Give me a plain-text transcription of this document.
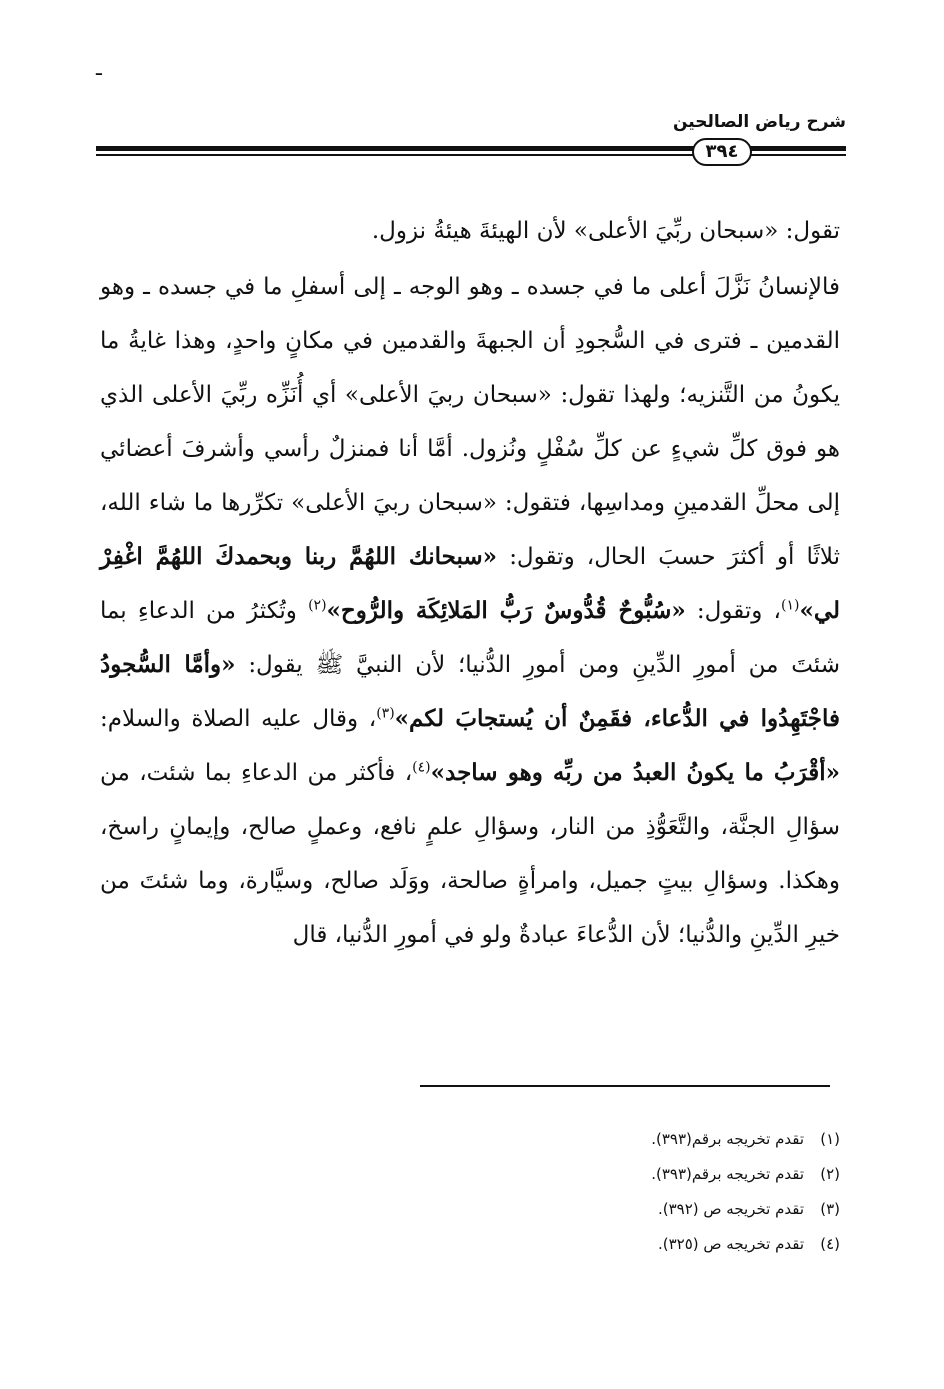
ـ
شرح رياض الصالحين
٣٩٤

تقول: «سبحان ربِّيَ الأعلى» لأن الهيئةَ هيئةُ نزول.

فالإنسانُ نَزَّلَ أعلى ما في جسده ـ وهو الوجه ـ إلى أسفلِ ما في جسده ـ وهو القدمين ـ فترى في السُّجودِ أن الجبهةَ والقدمين في مكانٍ واحدٍ، وهذا غايةُ ما يكونُ من التَّنزيه؛ ولهذا تقول: «سبحان ربيَ الأعلى» أي أُنَزِّه ربِّيَ الأعلى الذي هو فوق كلِّ شيءٍ عن كلِّ سُفْلٍ ونُزول. أمَّا أنا فمنزلٌ رأسي وأشرفَ أعضائي إلى محلِّ القدمينِ ومداسِها، فتقول: «سبحان ربيَ الأعلى» تكرِّرها ما شاء الله، ثلاثًا أو أكثرَ حسبَ الحال، وتقول: «سبحانك اللهُمَّ ربنا وبحمدكَ اللهُمَّ اغْفِرْ لي»$^{(١)}$، وتقول: «سُبُّوحٌ قُدُّوسٌ رَبُّ المَلائِكَة والرُّوح»$^{(٢)}$ وتُكثرُ من الدعاءِ بما شئتَ من أمورِ الدِّينِ ومن أمورِ الدُّنيا؛ لأن النبيَّ ﷺ يقول: «وأمَّا السُّجودُ فاجْتَهِدُوا في الدُّعاء، فقَمِنٌ أن يُستجابَ لكم»$^{(٣)}$، وقال عليه الصلاة والسلام: «أقْرَبُ ما يكونُ العبدُ من ربِّه وهو ساجد»$^{(٤)}$، فأكثر من الدعاءِ بما شئت، من سؤالِ الجنَّة، والتَّعَوُّذِ من النار، وسؤالِ علمٍ نافع، وعملٍ صالح، وإيمانٍ راسخ، وهكذا. وسؤالِ بيتٍ جميل، وامرأةٍ صالحة، ووَلَد صالح، وسيَّارة، وما شئتَ من خيرِ الدِّينِ والدُّنيا؛ لأن الدُّعاءَ عبادةٌ ولو في أمورِ الدُّنيا، قال

(١)تقدم تخريجه برقم(٣٩٣).
(٢)تقدم تخريجه برقم(٣٩٣).
(٣)تقدم تخريجه ص (٣٩٢).
(٤)تقدم تخريجه ص (٣٢٥).
